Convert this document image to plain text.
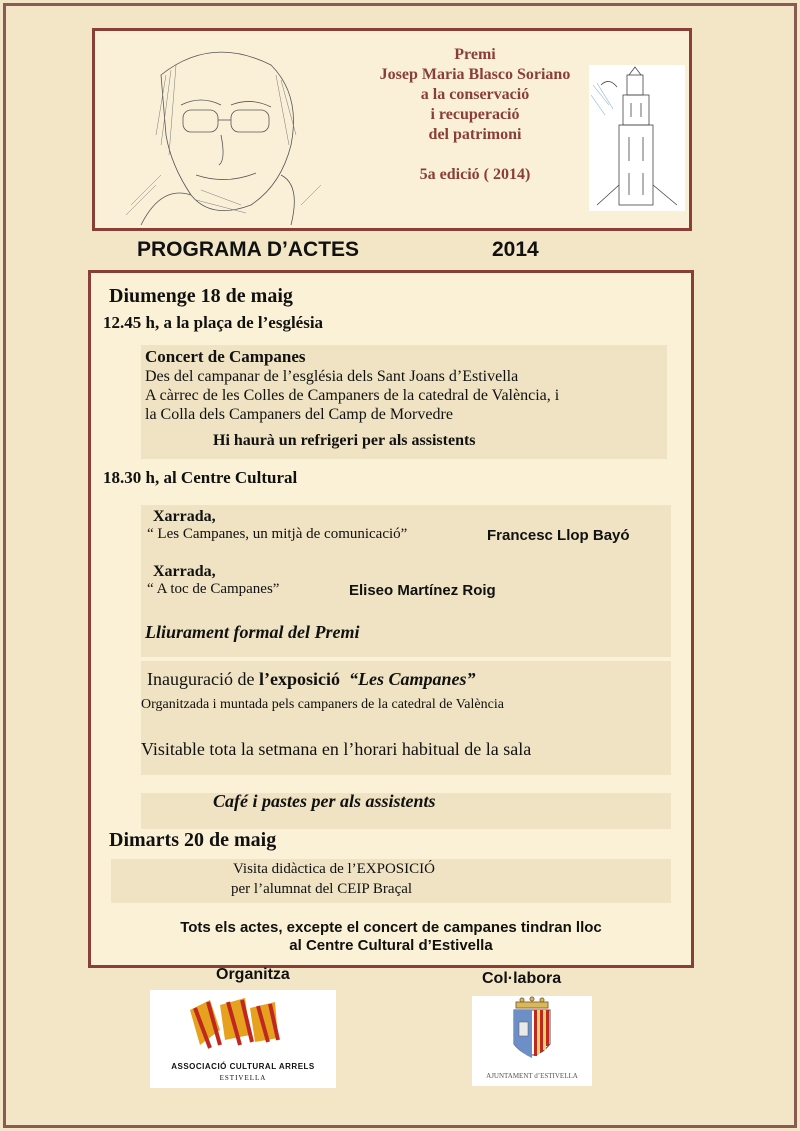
Premi
Josep Maria Blasco Soriano
a la conservació
i recuperació
del patrimoni
5a edició ( 2014)
PROGRAMA D’ACTES	2014
Diumenge 18 de maig
12.45 h, a la plaça de l’església
Concert de Campanes
Des del campanar de l’església dels Sant Joans d’Estivella
A càrrec de les Colles de Campaners de la catedral de València, i
la Colla dels Campaners del Camp de Morvedre
Hi haurà un refrigeri per als assistents
18.30 h, al Centre Cultural
Xarrada,
“ Les Campanes, un mitjà de comunicació”	Francesc Llop Bayó
Xarrada,
“ A toc de Campanes”	Eliseo Martínez Roig
Lliurament formal del Premi
Inauguració de l’exposició “Les Campanes”
Organitzada i muntada pels campaners de la catedral de València
Visitable tota la setmana en l’horari habitual de la sala
Café i pastes per als assistents
Dimarts 20 de maig
Visita didàctica de l’EXPOSICIÓ
per l’alumnat del CEIP Braçal
Tots els actes, excepte el concert de campanes tindran lloc
al Centre Cultural d’Estivella
Organitza	Col·labora
ASSOCIACIÓ CULTURAL ARRELS
ESTIVELLA	AJUNTAMENT d’ESTIVELLA
